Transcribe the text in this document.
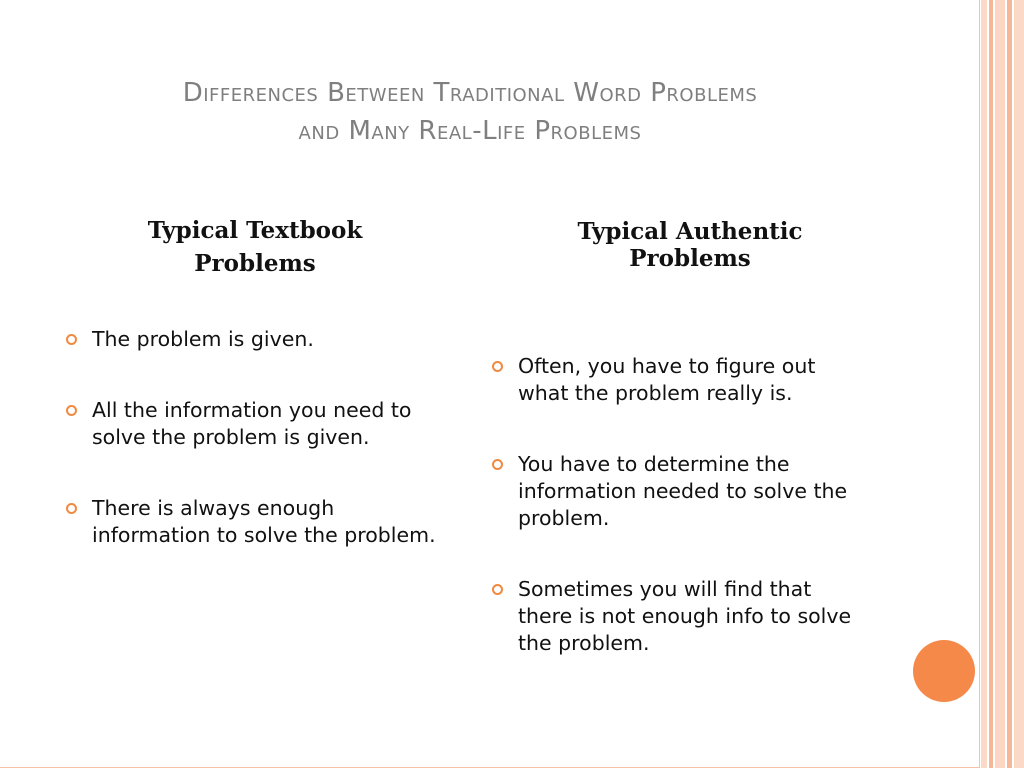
Differences Between Traditional Word Problems
and Many Real-Life Problems
Typical Textbook
Problems
Typical Authentic
Problems
The problem is given.
All the information you need to solve the problem is given.
There is always enough information to solve the problem.
Often, you have to figure out what the problem really is.
You have to determine the information needed to solve the problem.
Sometimes you will find that there is not enough info to solve the problem.
